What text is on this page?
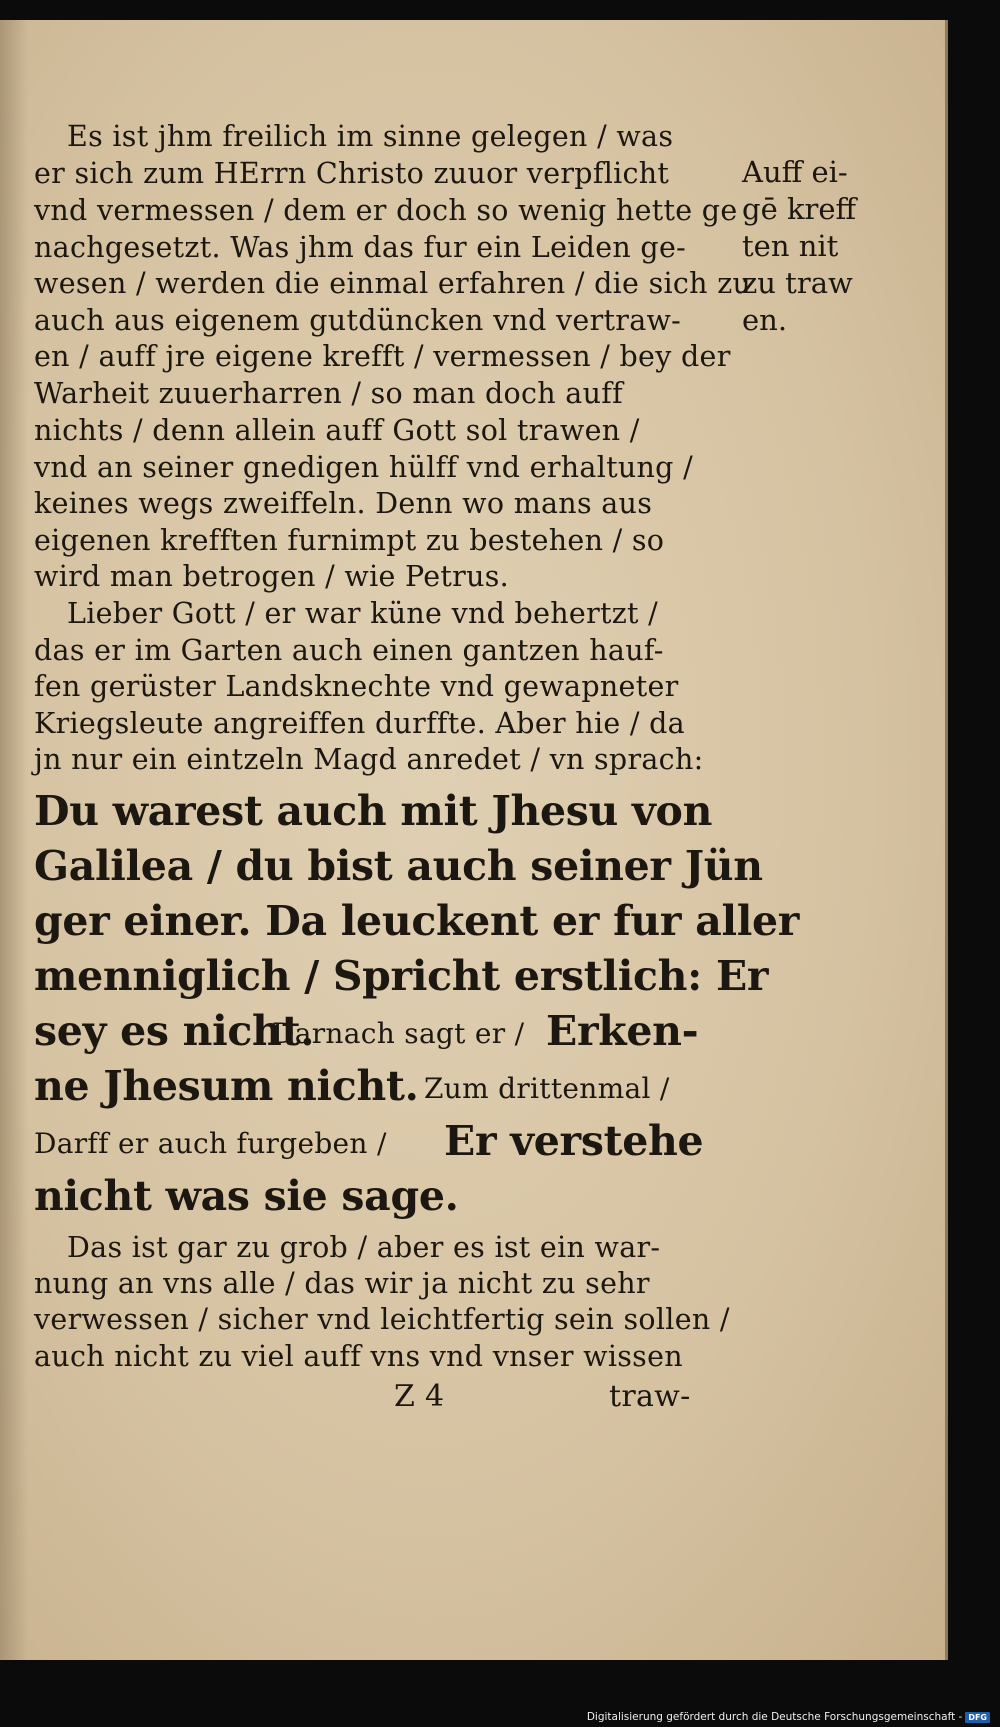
Es ist jhm freilich im sinne gelegen / was
er sich zum HErrn Christo zuuor verpflicht
vnd vermessen / dem er doch so wenig hette ge
nachgesetzt. Was jhm das fur ein Leiden ge-
wesen / werden die einmal erfahren / die sich zu
auch aus eigenem gutdüncken vnd vertraw-
en / auff jre eigene krefft / vermessen / bey der
Warheit zuuerharren / so man doch auff
nichts / denn allein auff Gott sol trawen /
vnd an seiner gnedigen hülff vnd erhaltung /
keines wegs zweiffeln. Denn wo mans aus
eigenen krefften furnimpt zu bestehen / so
wird man betrogen / wie Petrus.
Lieber Gott / er war küne vnd behertzt /
das er im Garten auch einen gantzen hauf-
fen gerüster Landsknechte vnd gewapneter
Kriegsleute angreiffen durffte. Aber hie / da
jn nur ein eintzeln Magd anredet / vn sprach:
Du warest auch mit Jhesu von
Galilea / du bist auch seiner Jün
ger einer. Da leuckent er fur aller
menniglich / Spricht erstlich: Er
sey es nicht.
Darnach sagt er / Erken-
ne Jhesum nicht. Zum drittenmal /
Darff er auch furgeben / Er verstehe
nicht was sie sage.
Das ist gar zu grob / aber es ist ein war-
nung an vns alle / das wir ja nicht zu sehr
verwessen / sicher vnd leichtfertig sein sollen /
auch nicht zu viel auff vns vnd vnser wissen
Z 4	traw-
Auff ei-
gē kreff
ten nit
zu traw
en.
Digitalisierung gefördert durch die Deutsche Forschungsgemeinschaft - DFG
